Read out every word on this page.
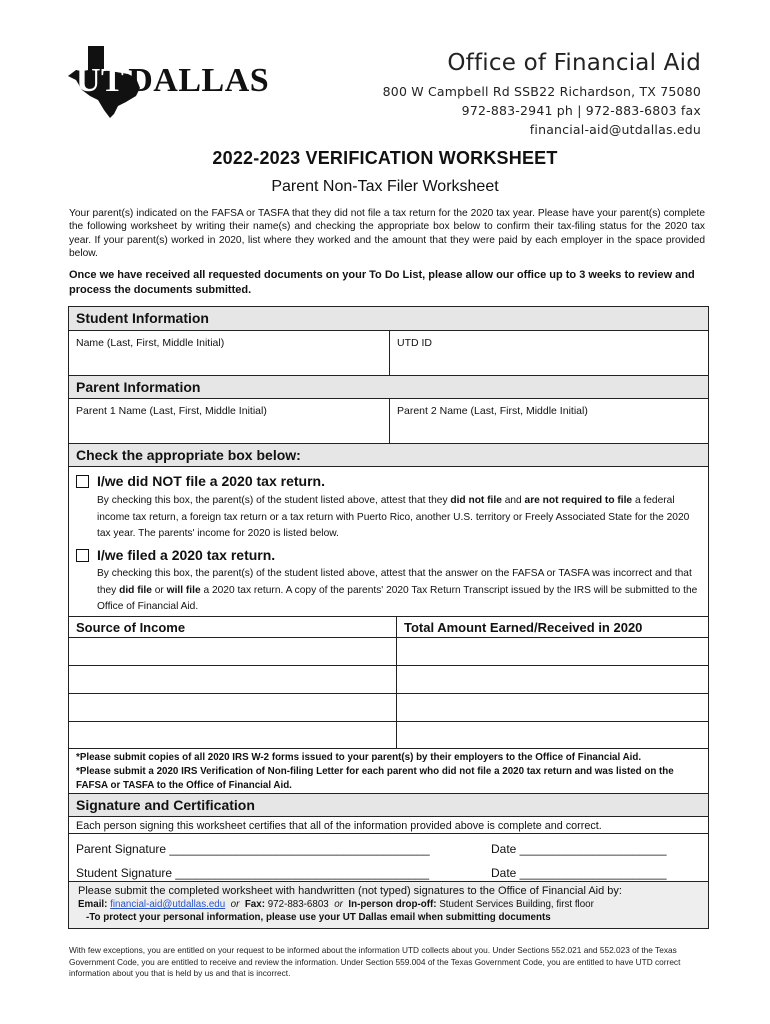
UT DALLAS	Office of Financial Aid
800 W Campbell Rd SSB22 Richardson, TX 75080
972-883-2941 ph | 972-883-6803 fax
financial-aid@utdallas.edu
2022-2023 VERIFICATION WORKSHEET
Parent Non-Tax Filer Worksheet
Your parent(s) indicated on the FAFSA or TASFA that they did not file a tax return for the 2020 tax year. Please have your parent(s) complete the following worksheet by writing their name(s) and checking the appropriate box below to confirm their tax-filing status for the 2020 tax year. If your parent(s) worked in 2020, list where they worked and the amount that they were paid by each employer in the space provided below.
Once we have received all requested documents on your To Do List, please allow our office up to 3 weeks to review and process the documents submitted.
Student Information
Name (Last, First, Middle Initial)	UTD ID
Parent Information
Parent 1 Name (Last, First, Middle Initial)	Parent 2 Name (Last, First, Middle Initial)
Check the appropriate box below:
I/we did NOT file a 2020 tax return.
By checking this box, the parent(s) of the student listed above, attest that they did not file and are not required to file a federal income tax return, a foreign tax return or a tax return with Puerto Rico, another U.S. territory or Freely Associated State for the 2020 tax year. The parents' income for 2020 is listed below.
I/we filed a 2020 tax return.
By checking this box, the parent(s) of the student listed above, attest that the answer on the FAFSA or TASFA was incorrect and that they did file or will file a 2020 tax return. A copy of the parents' 2020 Tax Return Transcript issued by the IRS will be submitted to the Office of Financial Aid.
Source of Income	Total Amount Earned/Received in 2020
*Please submit copies of all 2020 IRS W-2 forms issued to your parent(s) by their employers to the Office of Financial Aid.
*Please submit a 2020 IRS Verification of Non-filing Letter for each parent who did not file a 2020 tax return and was listed on the FAFSA or TASFA to the Office of Financial Aid.
Signature and Certification
Each person signing this worksheet certifies that all of the information provided above is complete and correct.
Parent Signature _______________________________________	Date ______________________
Student Signature ______________________________________	Date ______________________
Please submit the completed worksheet with handwritten (not typed) signatures to the Office of Financial Aid by:
Email: financial-aid@utdallas.edu or Fax: 972-883-6803 or In-person drop-off: Student Services Building, first floor
-To protect your personal information, please use your UT Dallas email when submitting documents
With few exceptions, you are entitled on your request to be informed about the information UTD collects about you. Under Sections 552.021 and 552.023 of the Texas Government Code, you are entitled to receive and review the information. Under Section 559.004 of the Texas Government Code, you are entitled to have UTD correct information about you that is held by us and that is incorrect.
